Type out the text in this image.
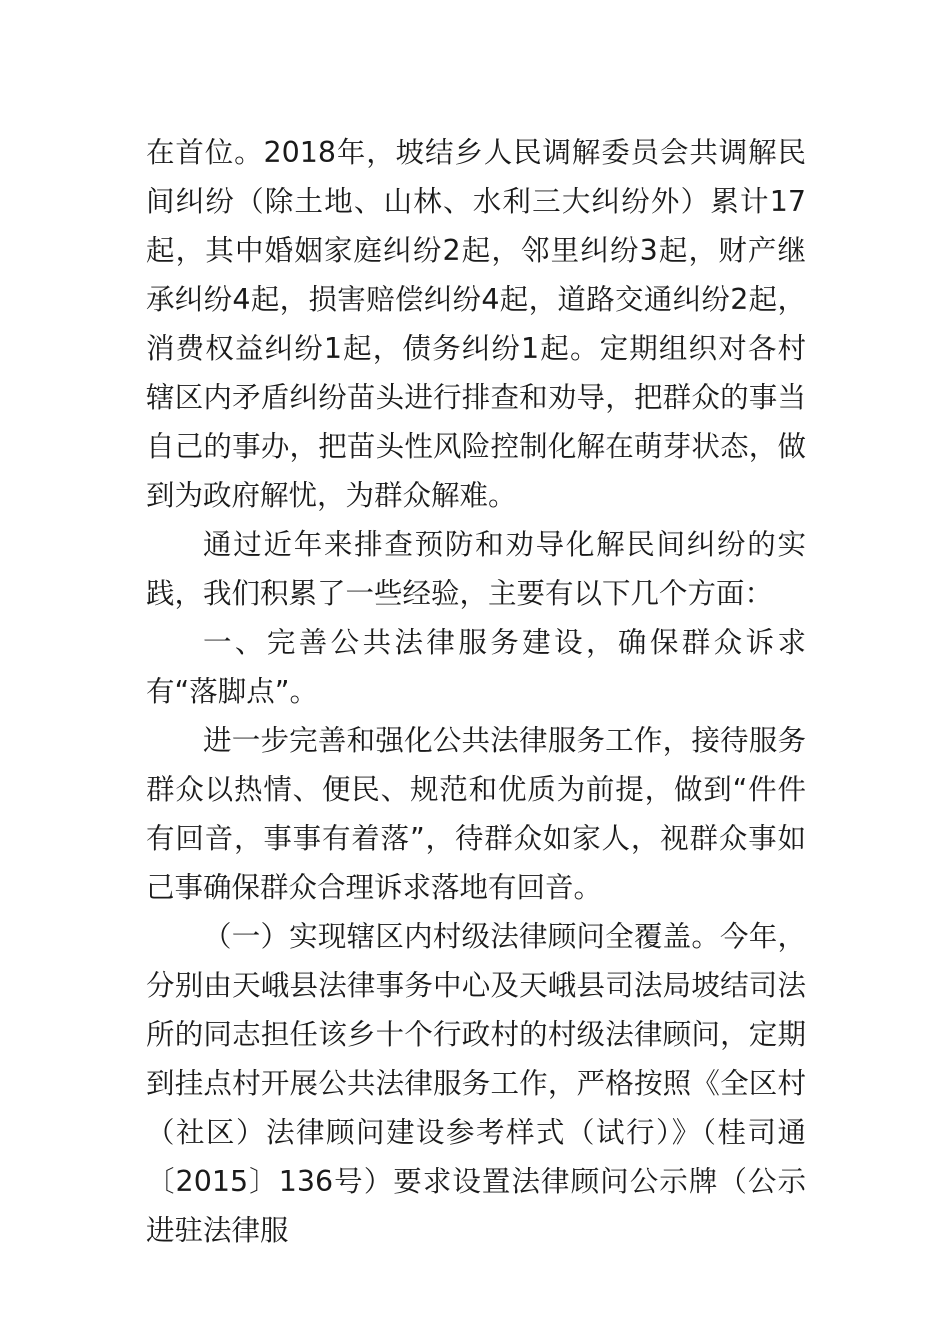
在首位。2018年，坡结乡人民调解委员会共调解民间纠纷（除土地、山林、水利三大纠纷外）累计17起，其中婚姻家庭纠纷2起，邻里纠纷3起，财产继承纠纷4起，损害赔偿纠纷4起，道路交通纠纷2起，消费权益纠纷1起，债务纠纷1起。定期组织对各村辖区内矛盾纠纷苗头进行排查和劝导，把群众的事当自己的事办，把苗头性风险控制化解在萌芽状态，做到为政府解忧，为群众解难。

通过近年来排查预防和劝导化解民间纠纷的实践，我们积累了一些经验，主要有以下几个方面：

一、完善公共法律服务建设，确保群众诉求有“落脚点”。

进一步完善和强化公共法律服务工作，接待服务群众以热情、便民、规范和优质为前提，做到“件件有回音，事事有着落”，待群众如家人，视群众事如己事确保群众合理诉求落地有回音。

（一）实现辖区内村级法律顾问全覆盖。今年，分别由天峨县法律事务中心及天峨县司法局坡结司法所的同志担任该乡十个行政村的村级法律顾问，定期到挂点村开展公共法律服务工作，严格按照《全区村（社区）法律顾问建设参考样式（试行）》（桂司通〔2015〕136号）要求设置法律顾问公示牌（公示进驻法律服
